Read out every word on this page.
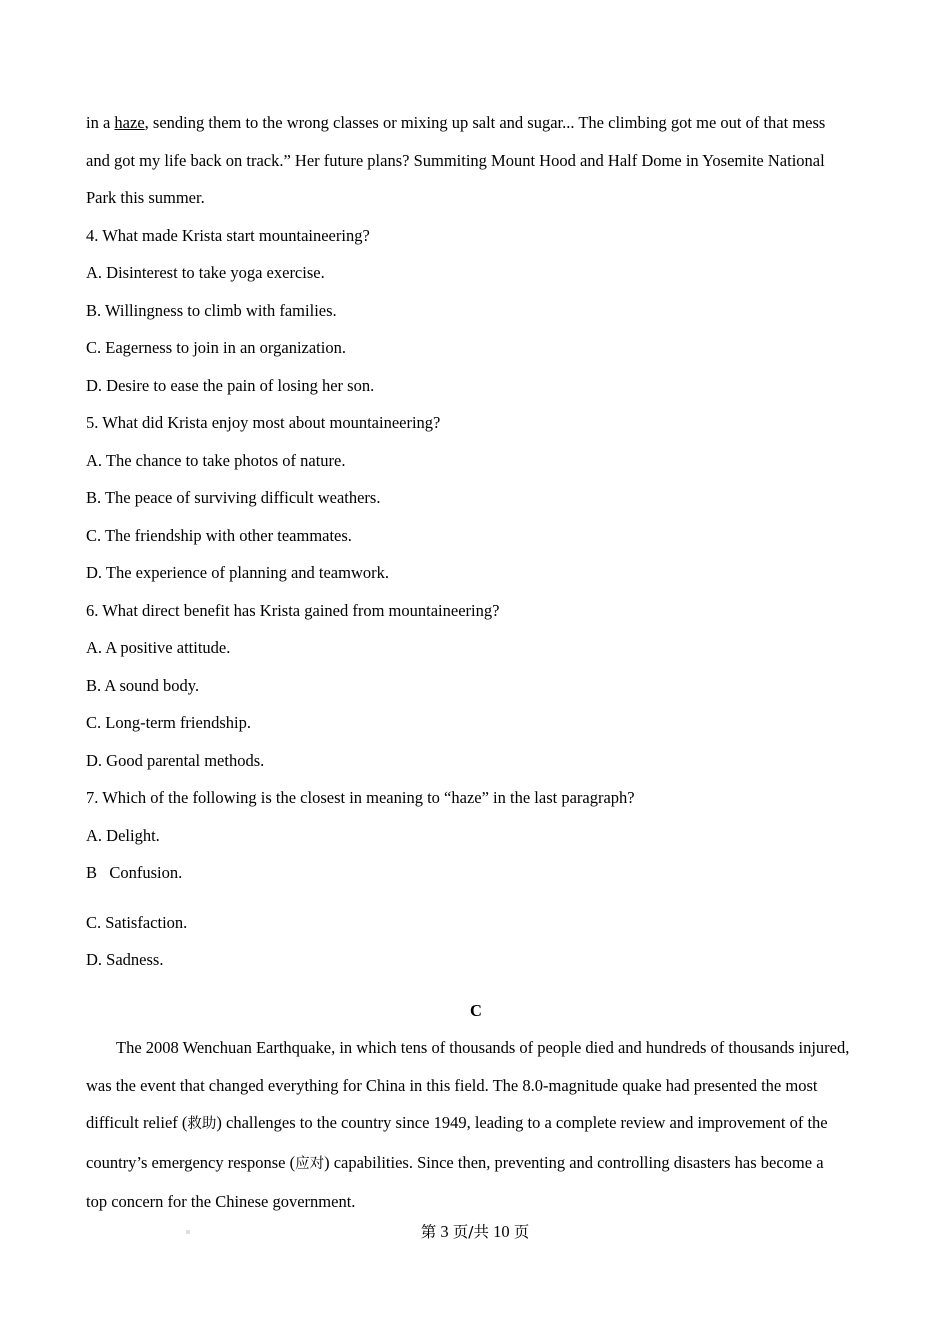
in a haze, sending them to the wrong classes or mixing up salt and sugar... The climbing got me out of that mess
and got my life back on track.” Her future plans? Summiting Mount Hood and Half Dome in Yosemite National
Park this summer.
4. What made Krista start mountaineering?
A. Disinterest to take yoga exercise.
B. Willingness to climb with families.
C. Eagerness to join in an organization.
D. Desire to ease the pain of losing her son.
5. What did Krista enjoy most about mountaineering?
A. The chance to take photos of nature.
B. The peace of surviving difficult weathers.
C. The friendship with other teammates.
D. The experience of planning and teamwork.
6. What direct benefit has Krista gained from mountaineering?
A. A positive attitude.
B. A sound body.
C. Long-term friendship.
D. Good parental methods.
7. Which of the following is the closest in meaning to “haze” in the last paragraph?
A. Delight.
B   Confusion.
C. Satisfaction.
D. Sadness.
C
The 2008 Wenchuan Earthquake, in which tens of thousands of people died and hundreds of thousands injured,
was the event that changed everything for China in this field. The 8.0-magnitude quake had presented the most
difficult relief (救助) challenges to the country since 1949, leading to a complete review and improvement of the
country’s emergency response (应对) capabilities. Since then, preventing and controlling disasters has become a
top concern for the Chinese government.
第 3 页/共 10 页
